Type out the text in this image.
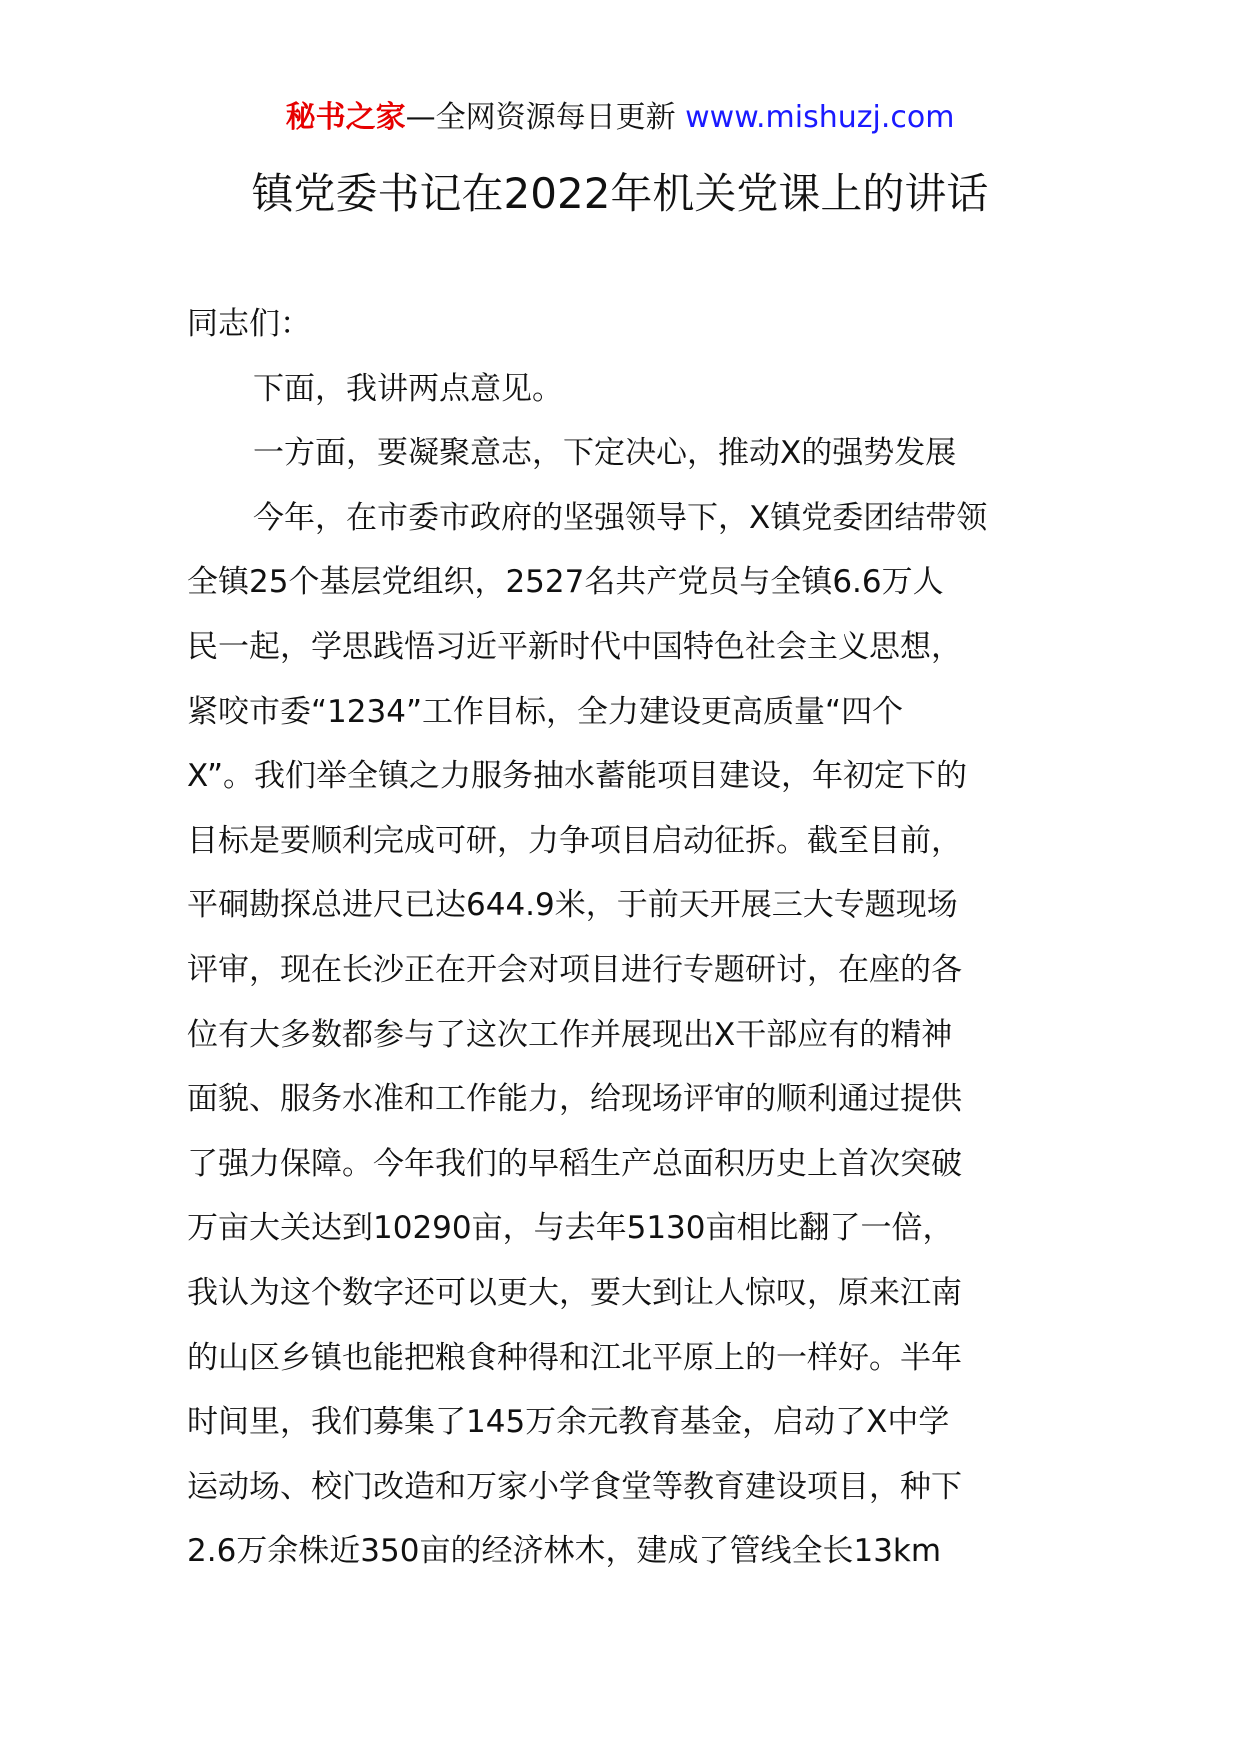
秘书之家—全网资源每日更新 www.mishuzj.com
镇党委书记在2022年机关党课上的讲话
同志们：
下面，我讲两点意见。
一方面，要凝聚意志，下定决心，推动X的强势发展
今年，在市委市政府的坚强领导下，X镇党委团结带领
全镇25个基层党组织，2527名共产党员与全镇6.6万人
民一起，学思践悟习近平新时代中国特色社会主义思想，
紧咬市委“1234”工作目标，全力建设更高质量“四个
X”。我们举全镇之力服务抽水蓄能项目建设，年初定下的
目标是要顺利完成可研，力争项目启动征拆。截至目前，
平硐勘探总进尺已达644.9米，于前天开展三大专题现场
评审，现在长沙正在开会对项目进行专题研讨，在座的各
位有大多数都参与了这次工作并展现出X干部应有的精神
面貌、服务水准和工作能力，给现场评审的顺利通过提供
了强力保障。今年我们的早稻生产总面积历史上首次突破
万亩大关达到10290亩，与去年5130亩相比翻了一倍，
我认为这个数字还可以更大，要大到让人惊叹，原来江南
的山区乡镇也能把粮食种得和江北平原上的一样好。半年
时间里，我们募集了145万余元教育基金，启动了X中学
运动场、校门改造和万家小学食堂等教育建设项目，种下
2.6万余株近350亩的经济林木，建成了管线全长13km
